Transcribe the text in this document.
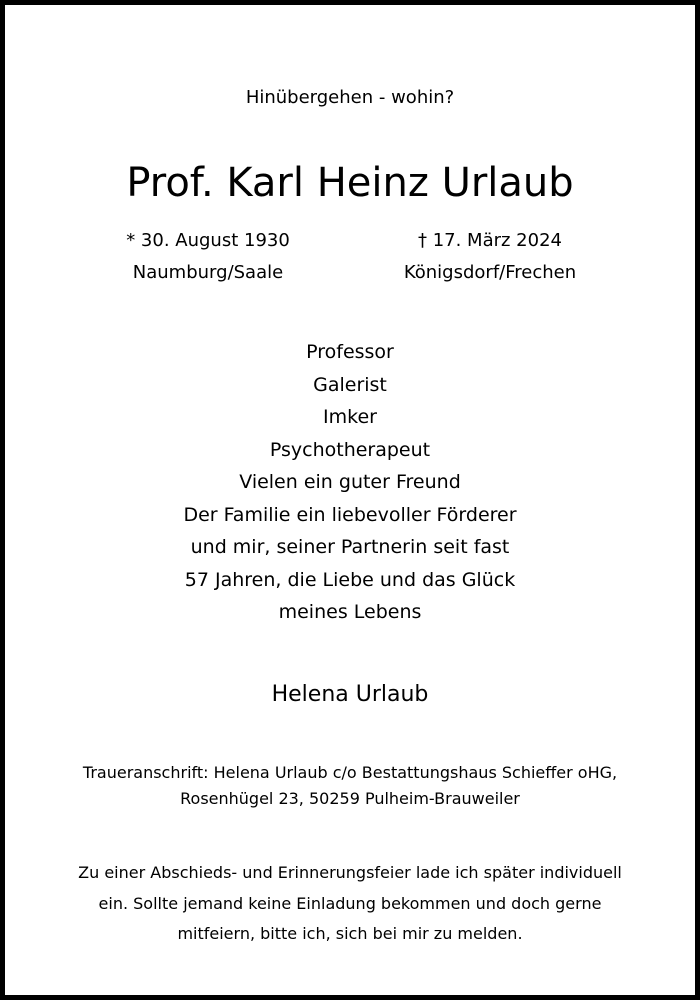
Hinübergehen - wohin?
Prof. Karl Heinz Urlaub
* 30. August 1930	† 17. März 2024
Naumburg/Saale	Königsdorf/Frechen
Professor
Galerist
Imker
Psychotherapeut
Vielen ein guter Freund
Der Familie ein liebevoller Förderer
und mir, seiner Partnerin seit fast
57 Jahren, die Liebe und das Glück
meines Lebens
Helena Urlaub
Traueranschrift: Helena Urlaub c/o Bestattungshaus Schieffer oHG,
Rosenhügel 23, 50259 Pulheim-Brauweiler
Zu einer Abschieds- und Erinnerungsfeier lade ich später individuell
ein. Sollte jemand keine Einladung bekommen und doch gerne
mitfeiern, bitte ich, sich bei mir zu melden.
